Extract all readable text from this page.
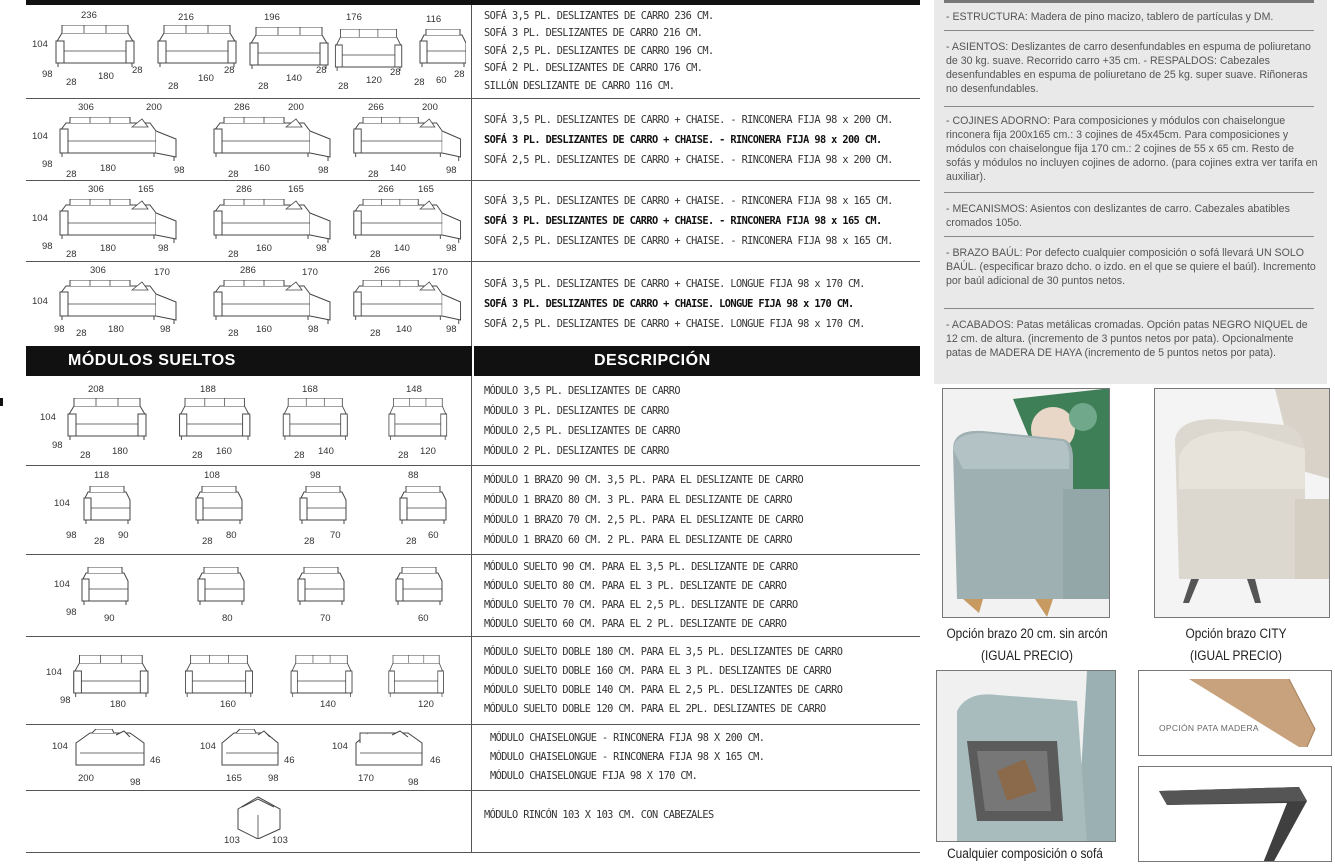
104
98
236
28
180
28
216
28
160
28
196
28
140
28
176
28
120
28
116
28 60
28
SOFÁ 3,5 PL. DESLIZANTES DE CARRO 236 CM.
SOFÁ 3 PL. DESLIZANTES DE CARRO 216 CM.
SOFÁ 2,5 PL. DESLIZANTES DE CARRO 196 CM.
SOFÁ 2 PL. DESLIZANTES DE CARRO 176 CM.
SILLÓN DESLIZANTE DE CARRO 116 CM.
104
98
306	200
28
180	98
286	200
28
160	98
266	200
28
140	98
SOFÁ 3,5 PL. DESLIZANTES DE CARRO + CHAISE. - RINCONERA FIJA 98 x 200 CM.
SOFÁ 3 PL. DESLIZANTES DE CARRO + CHAISE. - RINCONERA FIJA 98 x 200 CM.
SOFÁ 2,5 PL. DESLIZANTES DE CARRO + CHAISE. - RINCONERA FIJA 98 x 200 CM.
104
98
306	165
28
180	98
286	165
28
160	98
266	165
28
140	98
SOFÁ 3,5 PL. DESLIZANTES DE CARRO + CHAISE. - RINCONERA FIJA 98 x 165 CM.
SOFÁ 3 PL. DESLIZANTES DE CARRO + CHAISE. - RINCONERA FIJA 98 x 165 CM.
SOFÁ 2,5 PL. DESLIZANTES DE CARRO + CHAISE. - RINCONERA FIJA 98 x 165 CM.
104
98
306	170
28 180	98
286	170
28 160	98
266	170
28 140	98
SOFÁ 3,5 PL. DESLIZANTES DE CARRO + CHAISE. LONGUE FIJA 98 x 170 CM.
SOFÁ 3 PL. DESLIZANTES DE CARRO + CHAISE. LONGUE FIJA 98 x 170 CM.
SOFÁ 2,5 PL. DESLIZANTES DE CARRO + CHAISE. LONGUE FIJA 98 x 170 CM.
MÓDULOS SUELTOS	DESCRIPCIÓN
104
98
208
28 180
188
28 160
168
28 140
148
28 120
MÓDULO 3,5 PL. DESLIZANTES DE CARRO
MÓDULO 3 PL. DESLIZANTES DE CARRO
MÓDULO 2,5 PL. DESLIZANTES DE CARRO
MÓDULO 2 PL. DESLIZANTES DE CARRO
104
98
118
28
90
108
28
80
98
28
70
88
28
60
MÓDULO 1 BRAZO 90 CM. 3,5 PL. PARA EL DESLIZANTE DE CARRO
MÓDULO 1 BRAZO 80 CM. 3 PL. PARA EL DESLIZANTE DE CARRO
MÓDULO 1 BRAZO 70 CM. 2,5 PL. PARA EL DESLIZANTE DE CARRO
MÓDULO 1 BRAZO 60 CM. 2 PL. PARA EL DESLIZANTE DE CARRO
104
98
90	80	70	60
MÓDULO SUELTO 90 CM. PARA EL 3,5 PL. DESLIZANTE DE CARRO
MÓDULO SUELTO 80 CM. PARA EL 3 PL. DESLIZANTE DE CARRO
MÓDULO SUELTO 70 CM. PARA EL 2,5 PL. DESLIZANTE DE CARRO
MÓDULO SUELTO 60 CM. PARA EL 2 PL. DESLIZANTE DE CARRO
104
98	180	160	140	120
MÓDULO SUELTO DOBLE 180 CM. PARA EL 3,5 PL. DESLIZANTES DE CARRO
MÓDULO SUELTO DOBLE 160 CM. PARA EL 3 PL. DESLIZANTES DE CARRO
MÓDULO SUELTO DOBLE 140 CM. PARA EL 2,5 PL. DESLIZANTES DE CARRO
MÓDULO SUELTO DOBLE 120 CM. PARA EL 2PL. DESLIZANTES DE CARRO
104
46
200	98
104
46
165	98
104
46
170	98
MÓDULO CHAISELONGUE - RINCONERA FIJA 98 X 200 CM.
MÓDULO CHAISELONGUE - RINCONERA FIJA 98 X 165 CM.
MÓDULO CHAISELONGUE FIJA 98 X 170 CM.
103	103
MÓDULO RINCÓN 103 X 103 CM. CON CABEZALES
- ESTRUCTURA: Madera de pino macizo, tablero de partículas y DM.
- ASIENTOS: Deslizantes de carro desenfundables en espuma de poliuretano de 30 kg. suave. Recorrido carro +35 cm. - RESPALDOS: Cabezales desenfundables en espuma de poliuretano de 25 kg. super suave. Riñoneras no desenfundables.
- COJINES ADORNO: Para composiciones y módulos con chaiselongue rinconera fija 200x165 cm.: 3 cojines de 45x45cm. Para composiciones y módulos con chaiselongue fija 170 cm.: 2 cojines de 55 x 65 cm. Resto de sofás y módulos no incluyen cojines de adorno. (para cojines extra ver tarifa en auxiliar).
- MECANISMOS: Asientos con deslizantes de carro. Cabezales abatibles cromados 105o.
- BRAZO BAÚL: Por defecto cualquier composición o sofá llevará UN SOLO BAÚL. (especificar brazo dcho. o izdo. en el que se quiere el baúl). Incremento por baúl adicional de 30 puntos netos.
- ACABADOS: Patas metálicas cromadas. Opción patas NEGRO NIQUEL de 12 cm. de altura. (incremento de 3 puntos netos por pata). Opcionalmente patas de MADERA DE HAYA (incremento de 5 puntos netos por pata).
Opción brazo 20 cm. sin arcón
(IGUAL PRECIO)
Opción brazo CITY
(IGUAL PRECIO)
Cualquier composición o sofá
OPCIÓN PATA MADERA
